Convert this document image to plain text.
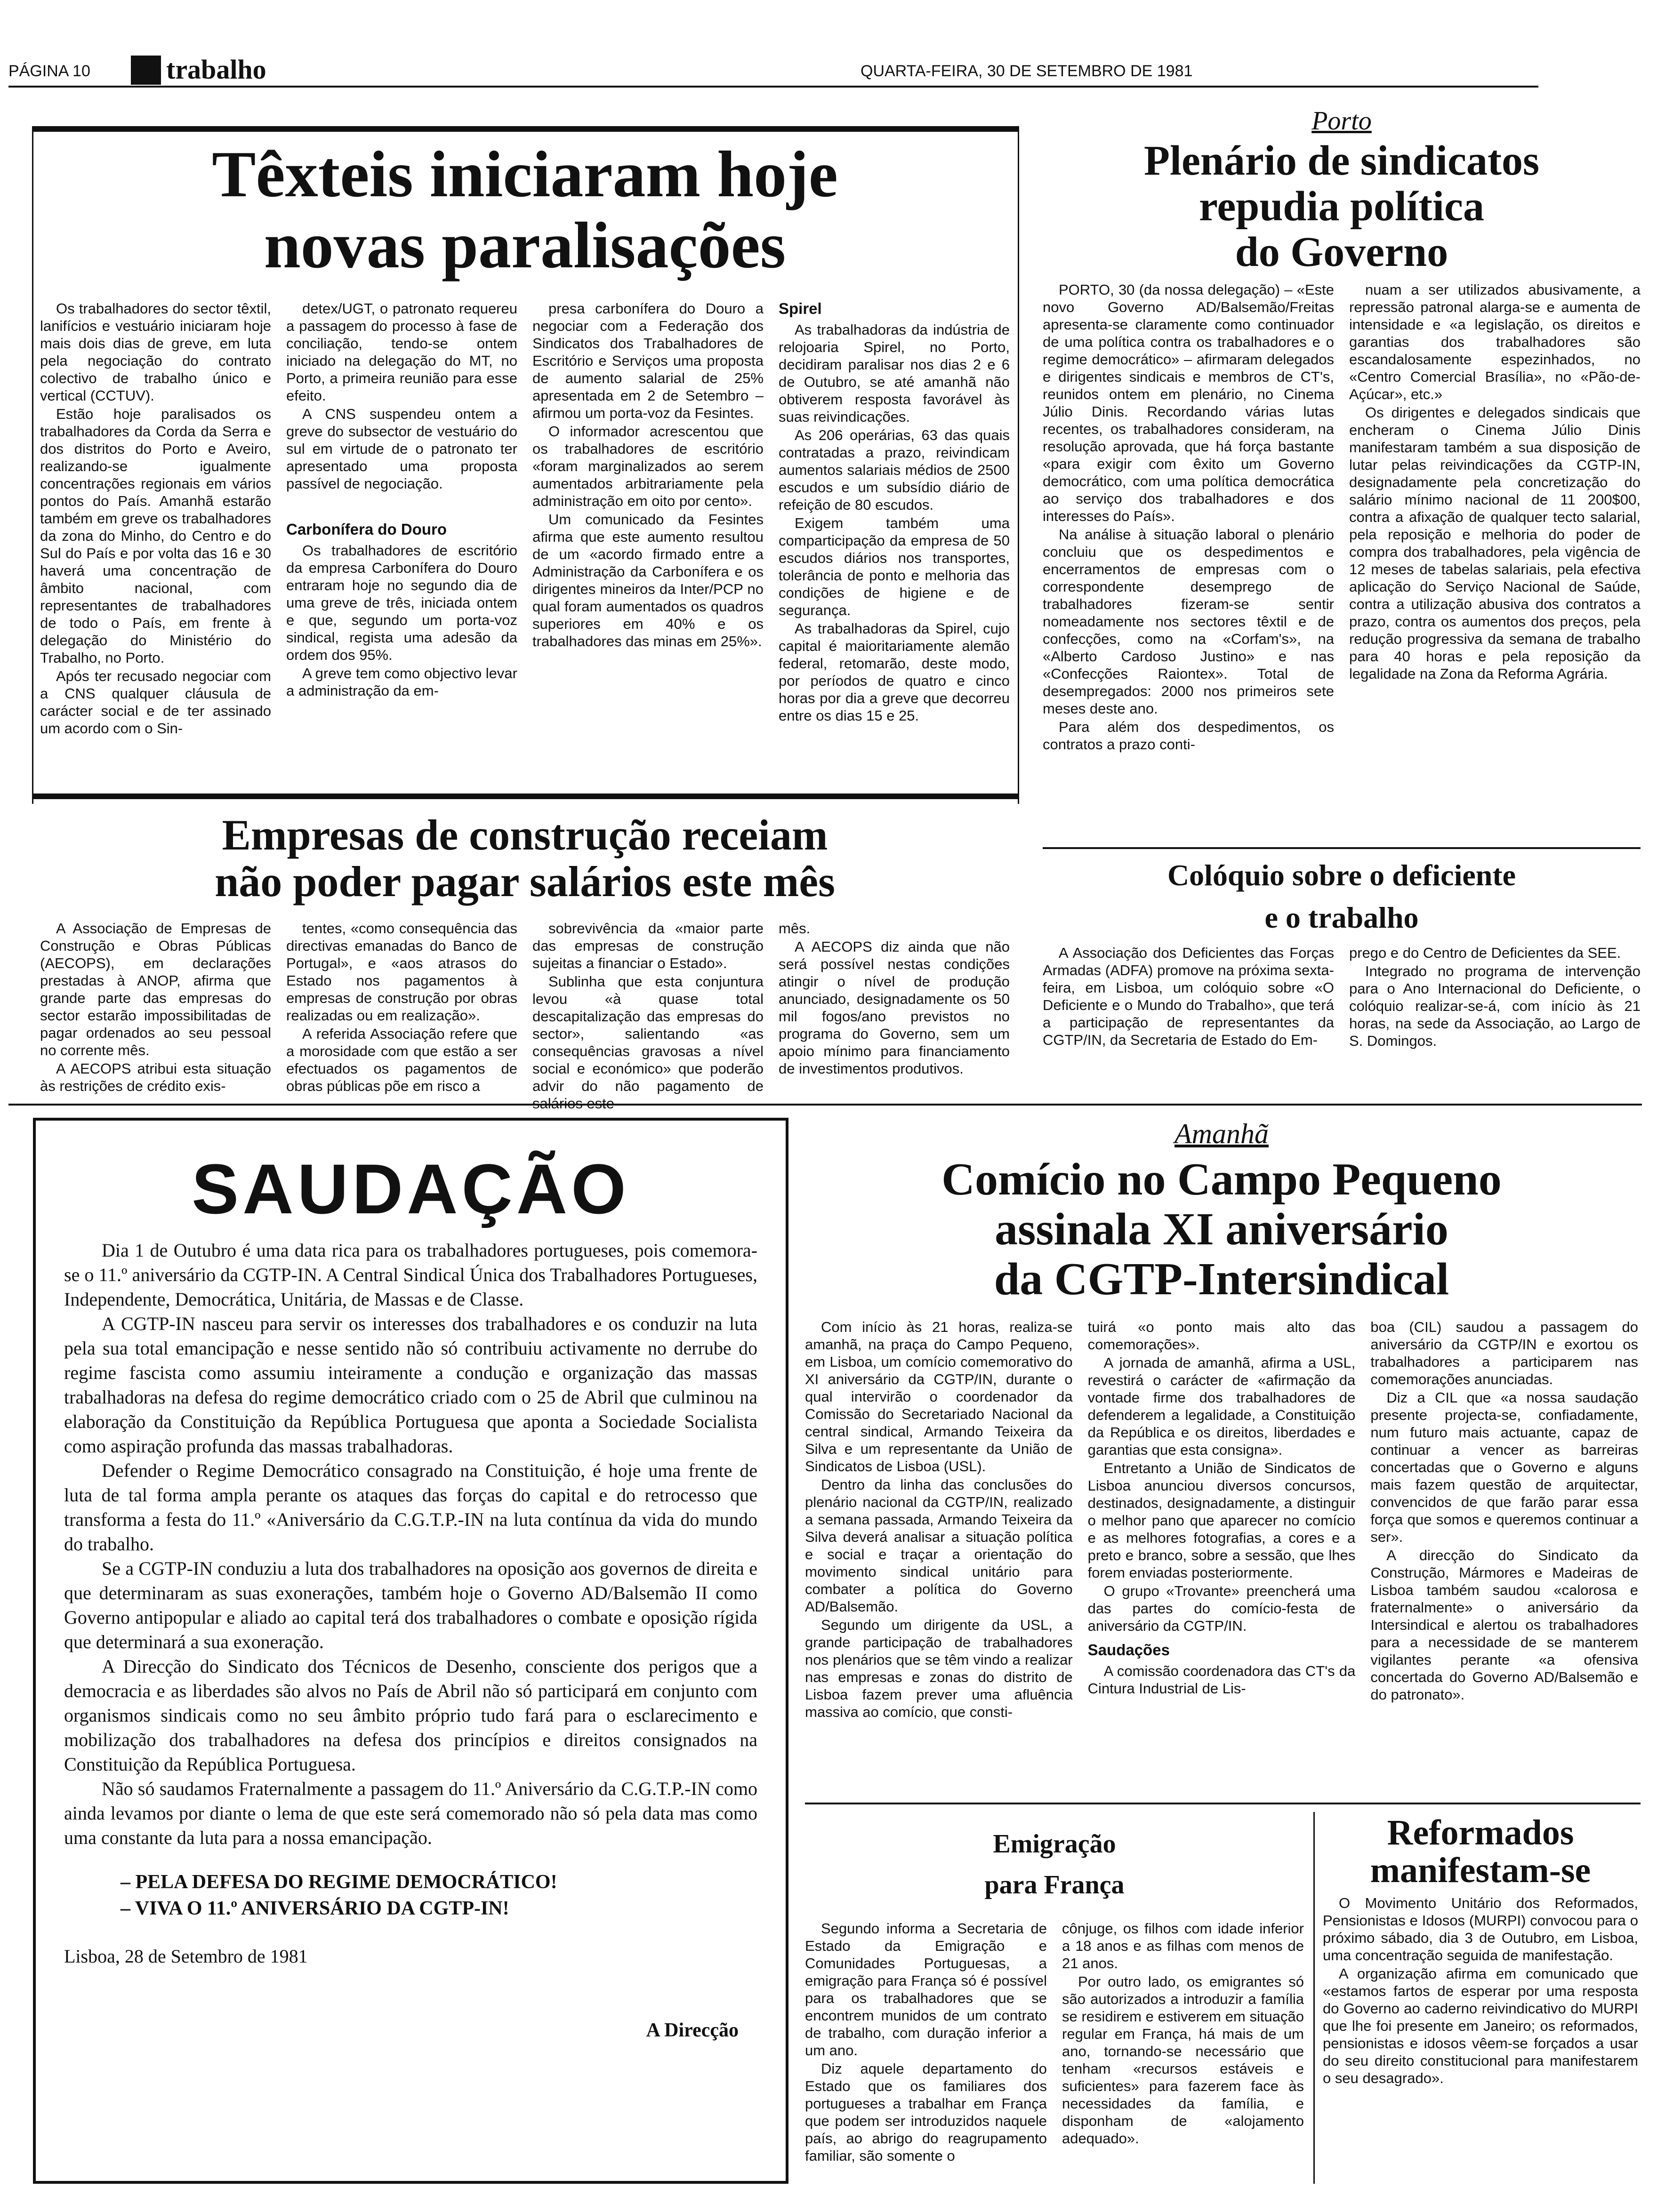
PÁGINA 10	trabalho	QUARTA-FEIRA, 30 DE SETEMBRO DE 1981
Têxteis iniciaram hoje
novas paralisações

Os trabalhadores do sector têxtil, lanifícios e vestuário iniciaram hoje mais dois dias de greve, em luta pela negociação do contrato colectivo de trabalho único e vertical (CCTUV).

Estão hoje paralisados os trabalhadores da Corda da Serra e dos distritos do Porto e Aveiro, realizando-se igualmente concentrações regionais em vários pontos do País. Amanhã estarão também em greve os trabalhadores da zona do Minho, do Centro e do Sul do País e por volta das 16 e 30 haverá uma concentração de âmbito nacional, com representantes de trabalhadores de todo o País, em frente à delegação do Ministério do Trabalho, no Porto.

Após ter recusado negociar com a CNS qualquer cláusula de carácter social e de ter assinado um acordo com o Sin-

detex/UGT, o patronato requereu a passagem do processo à fase de conciliação, tendo-se ontem iniciado na delegação do MT, no Porto, a primeira reunião para esse efeito.

A CNS suspendeu ontem a greve do subsector de vestuário do sul em virtude de o patronato ter apresentado uma proposta passível de negociação.

Carbonífera do Douro

Os trabalhadores de escritório da empresa Carbonífera do Douro entraram hoje no segundo dia de uma greve de três, iniciada ontem e que, segundo um porta-voz sindical, regista uma adesão da ordem dos 95%.

A greve tem como objectivo levar a administração da em-

presa carbonífera do Douro a negociar com a Federação dos Sindicatos dos Trabalhadores de Escritório e Serviços uma proposta de aumento salarial de 25% apresentada em 2 de Setembro – afirmou um porta-voz da Fesintes.

O informador acrescentou que os trabalhadores de escritório «foram marginalizados ao serem aumentados arbitrariamente pela administração em oito por cento».

Um comunicado da Fesintes afirma que este aumento resultou de um «acordo firmado entre a Administração da Carbonífera e os dirigentes mineiros da Inter/PCP no qual foram aumentados os quadros superiores em 40% e os trabalhadores das minas em 25%».

Spirel

As trabalhadoras da indústria de relojoaria Spirel, no Porto, decidiram paralisar nos dias 2 e 6 de Outubro, se até amanhã não obtiverem resposta favorável às suas reivindicações.

As 206 operárias, 63 das quais contratadas a prazo, reivindicam aumentos salariais médios de 2500 escudos e um subsídio diário de refeição de 80 escudos.

Exigem também uma comparticipação da empresa de 50 escudos diários nos transportes, tolerância de ponto e melhoria das condições de higiene e de segurança.

As trabalhadoras da Spirel, cujo capital é maioritariamente alemão federal, retomarão, deste modo, por períodos de quatro e cinco horas por dia a greve que decorreu entre os dias 15 e 25.

Porto

Plenário de sindicatos
repudia política
do Governo

PORTO, 30 (da nossa delegação) – «Este novo Governo AD/Balsemão/Freitas apresenta-se claramente como continuador de uma política contra os trabalhadores e o regime democrático» – afirmaram delegados e dirigentes sindicais e membros de CT's, reunidos ontem em plenário, no Cinema Júlio Dinis. Recordando várias lutas recentes, os trabalhadores consideram, na resolução aprovada, que há força bastante «para exigir com êxito um Governo democrático, com uma política democrática ao serviço dos trabalhadores e dos interesses do País».

Na análise à situação laboral o plenário concluiu que os despedimentos e encerramentos de empresas com o correspondente desemprego de trabalhadores fizeram-se sentir nomeadamente nos sectores têxtil e de confecções, como na «Corfam's», na «Alberto Cardoso Justino» e nas «Confecções Raiontex». Total de desempregados: 2000 nos primeiros sete meses deste ano.

Para além dos despedimentos, os contratos a prazo conti-

nuam a ser utilizados abusivamente, a repressão patronal alarga-se e aumenta de intensidade e «a legislação, os direitos e garantias dos trabalhadores são escandalosamente espezinhados, no «Centro Comercial Brasília», no «Pão-de-Açúcar», etc.»

Os dirigentes e delegados sindicais que encheram o Cinema Júlio Dinis manifestaram também a sua disposição de lutar pelas reivindicações da CGTP-IN, designadamente pela concretização do salário mínimo nacional de 11 200$00, contra a afixação de qualquer tecto salarial, pela reposição e melhoria do poder de compra dos trabalhadores, pela vigência de 12 meses de tabelas salariais, pela efectiva aplicação do Serviço Nacional de Saúde, contra a utilização abusiva dos contratos a prazo, contra os aumentos dos preços, pela redução progressiva da semana de trabalho para 40 horas e pela reposição da legalidade na Zona da Reforma Agrária.

Empresas de construção receiam
não poder pagar salários este mês

A Associação de Empresas de Construção e Obras Públicas (AECOPS), em declarações prestadas à ANOP, afirma que grande parte das empresas do sector estarão impossibilitadas de pagar ordenados ao seu pessoal no corrente mês.

A AECOPS atribui esta situação às restrições de crédito exis-

tentes, «como consequência das directivas emanadas do Banco de Portugal», e «aos atrasos do Estado nos pagamentos à empresas de construção por obras realizadas ou em realização».

A referida Associação refere que a morosidade com que estão a ser efectuados os pagamentos de obras públicas põe em risco a

sobrevivência da «maior parte das empresas de construção sujeitas a financiar o Estado».

Sublinha que esta conjuntura levou «à quase total descapitalização das empresas do sector», salientando «as consequências gravosas a nível social e económico» que poderão advir do não pagamento de

mês.

A AECOPS diz ainda que não será possível nestas condições atingir o nível de produção anunciado, designadamente os 50 mil fogos/ano previstos no programa do Governo, sem um apoio mínimo para financiamento de investimentos produtivos.

Colóquio sobre o deficiente
e o trabalho

A Associação dos Deficientes das Forças Armadas (ADFA) promove na próxima sexta-feira, em Lisboa, um colóquio sobre «O Deficiente e o Mundo do Trabalho», que terá a participação de representantes da CGTP/IN, da Secretaria de Estado do Em-

prego e do Centro de Deficientes da SEE.

Integrado no programa de intervenção para o Ano Internacional do Deficiente, o colóquio realizar-se-á, com início às 21 horas, na sede da Associação, ao Largo de S. Domingos.

SAUDAÇÃO

Dia 1 de Outubro é uma data rica para os trabalhadores portugueses, pois comemora-se o 11.º aniversário da CGTP-IN. A Central Sindical Única dos Trabalhadores Portugueses, Independente, Democrática, Unitária, de Massas e de Classe.

A CGTP-IN nasceu para servir os interesses dos trabalhadores e os conduzir na luta pela sua total emancipação e nesse sentido não só contribuiu activamente no derrube do regime fascista como assumiu inteiramente a condução e organização das massas trabalhadoras na defesa do regime democrático criado com o 25 de Abril que culminou na elaboração da Constituição da República Portuguesa que aponta a Sociedade Socialista como aspiração profunda das massas trabalhadoras.

Defender o Regime Democrático consagrado na Constituição, é hoje uma frente de luta de tal forma ampla perante os ataques das forças do capital e do retrocesso que transforma a festa do 11.º «Aniversário da C.G.T.P.-IN na luta contínua da vida do mundo do trabalho.

Se a CGTP-IN conduziu a luta dos trabalhadores na oposição aos governos de direita e que determinaram as suas exonerações, também hoje o Governo AD/Balsemão II como Governo antipopular e aliado ao capital terá dos trabalhadores o combate e oposição rígida que determinará a sua exoneração.

A Direcção do Sindicato dos Técnicos de Desenho, consciente dos perigos que a democracia e as liberdades são alvos no País de Abril não só participará em conjunto com organismos sindicais como no seu âmbito próprio tudo fará para o esclarecimento e mobilização dos trabalhadores na defesa dos princípios e direitos consignados na Constituição da República Portuguesa.

Não só saudamos Fraternalmente a passagem do 11.º Aniversário da C.G.T.P.-IN como ainda levamos por diante o lema de que este será comemorado não só pela data mas como uma constante da luta para a nossa emancipação.

– PELA DEFESA DO REGIME DEMOCRÁTICO!
– VIVA O 11.º ANIVERSÁRIO DA CGTP-IN!
Lisboa, 28 de Setembro de 1981
A Direcção

Amanhã

Comício no Campo Pequeno
assinala XI aniversário
da CGTP-Intersindical

Com início às 21 horas, realiza-se amanhã, na praça do Campo Pequeno, em Lisboa, um comício comemorativo do XI aniversário da CGTP/IN, durante o qual intervirão o coordenador da Comissão do Secretariado Nacional da central sindical, Armando Teixeira da Silva e um representante da União de Sindicatos de Lisboa (USL).

Dentro da linha das conclusões do plenário nacional da CGTP/IN, realizado a semana passada, Armando Teixeira da Silva deverá analisar a situação política e social e traçar a orientação do movimento sindical unitário para combater a política do Governo AD/Balsemão.

Segundo um dirigente da USL, a grande participação de trabalhadores nos plenários que se têm vindo a realizar nas empresas e zonas do distrito de Lisboa fazem prever uma afluência massiva ao comício, que consti-

tuirá «o ponto mais alto das comemorações».

A jornada de amanhã, afirma a USL, revestirá o carácter de «afirmação da vontade firme dos trabalhadores de defenderem a legalidade, a Constituição da República e os direitos, liberdades e garantias que esta consigna».

Entretanto a União de Sindicatos de Lisboa anunciou diversos concursos, destinados, designadamente, a distinguir o melhor pano que aparecer no comício e as melhores fotografias, a cores e a preto e branco, sobre a sessão, que lhes forem enviadas posteriormente.

O grupo «Trovante» preencherá uma das partes do comício-festa de aniversário da CGTP/IN.

Saudações

A comissão coordenadora das CT's da Cintura Industrial de Lis-

boa (CIL) saudou a passagem do aniversário da CGTP/IN e exortou os trabalhadores a participarem nas comemorações anunciadas.

Diz a CIL que «a nossa saudação presente projecta-se, confiadamente, num futuro mais actuante, capaz de continuar a vencer as barreiras concertadas que o Governo e alguns mais fazem questão de arquitectar, convencidos de que farão parar essa força que somos e queremos continuar a ser».

A direcção do Sindicato da Construção, Mármores e Madeiras de Lisboa também saudou «calorosa e fraternalmente» o aniversário da Intersindical e alertou os trabalhadores para a necessidade de se manterem vigilantes perante «a ofensiva concertada do Governo AD/Balsemão e do patronato».

Emigração
para França

Segundo informa a Secretaria de Estado da Emigração e Comunidades Portuguesas, a emigração para França só é possível para os trabalhadores que se encontrem munidos de um contrato de trabalho, com duração inferior a um ano.

Diz aquele departamento do Estado que os familiares dos portugueses a trabalhar em França que podem ser introduzidos naquele país, ao abrigo do reagrupamento familiar, são somente o

cônjuge, os filhos com idade inferior a 18 anos e as filhas com menos de 21 anos.

Por outro lado, os emigrantes só são autorizados a introduzir a família se residirem e estiverem em situação regular em França, há mais de um ano, tornando-se necessário que tenham «recursos estáveis e suficientes» para fazerem face às necessidades da família, e disponham de «alojamento adequado».

Reformados
manifestam-se

O Movimento Unitário dos Reformados, Pensionistas e Idosos (MURPI) convocou para o próximo sábado, dia 3 de Outubro, em Lisboa, uma concentração seguida de manifestação.

A organização afirma em comunicado que «estamos fartos de esperar por uma resposta do Governo ao caderno reivindicativo do MURPI que lhe foi presente em Janeiro; os reformados, pensionistas e idosos vêem-se forçados a usar do seu direito constitucional para manifestarem o seu desagrado».
